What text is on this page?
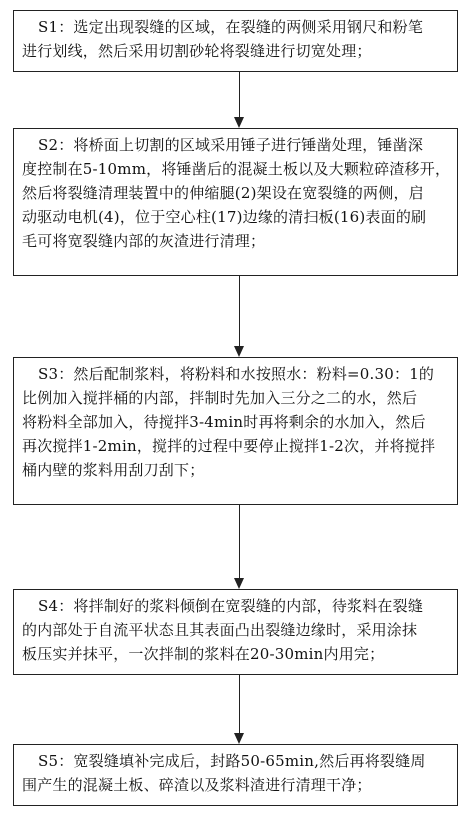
S1：选定出现裂缝的区域，在裂缝的两侧采用钢尺和粉笔
进行划线，然后采用切割砂轮将裂缝进行切宽处理；
S2：将桥面上切割的区域采用锤子进行锤凿处理，锤凿深
度控制在5-10mm，将锤凿后的混凝土板以及大颗粒碎渣移开，
然后将裂缝清理装置中的伸缩腿(2)架设在宽裂缝的两侧，启
动驱动电机(4)，位于空心柱(17)边缘的清扫板(16)表面的刷
毛可将宽裂缝内部的灰渣进行清理；
S3：然后配制浆料，将粉料和水按照水：粉料=0.30：1的
比例加入搅拌桶的内部，拌制时先加入三分之二的水，然后
将粉料全部加入，待搅拌3-4min时再将剩余的水加入，然后
再次搅拌1-2min，搅拌的过程中要停止搅拌1-2次，并将搅拌
桶内壁的浆料用刮刀刮下；
S4：将拌制好的浆料倾倒在宽裂缝的内部，待浆料在裂缝
的内部处于自流平状态且其表面凸出裂缝边缘时，采用涂抹
板压实并抹平，一次拌制的浆料在20-30min内用完；
S5：宽裂缝填补完成后，封路50-65min,然后再将裂缝周
围产生的混凝土板、碎渣以及浆料渣进行清理干净；
